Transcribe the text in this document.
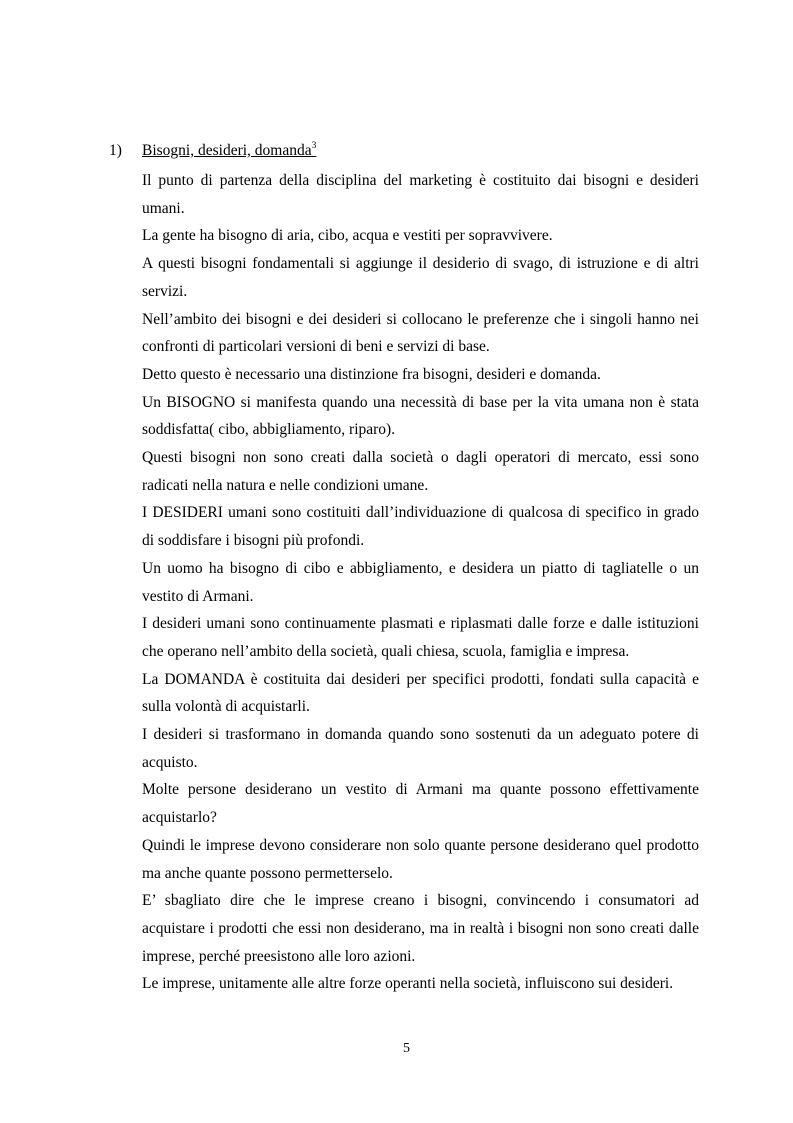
1) Bisogni, desideri, domanda$^3$

Il punto di partenza della disciplina del marketing è costituito dai bisogni e desideri umani.

La gente ha bisogno di aria, cibo, acqua e vestiti per sopravvivere.

A questi bisogni fondamentali si aggiunge il desiderio di svago, di istruzione e di altri servizi.

Nell’ambito dei bisogni e dei desideri si collocano le preferenze che i singoli hanno nei confronti di particolari versioni di beni e servizi di base.

Detto questo è necessario una distinzione fra bisogni, desideri e domanda.

Un BISOGNO si manifesta quando una necessità di base per la vita umana non è stata soddisfatta( cibo, abbigliamento, riparo).

Questi bisogni non sono creati dalla società o dagli operatori di mercato, essi sono radicati nella natura e nelle condizioni umane.

I DESIDERI umani sono costituiti dall’individuazione di qualcosa di specifico in grado di soddisfare i bisogni più profondi.

Un uomo ha bisogno di cibo e abbigliamento, e desidera un piatto di tagliatelle o un vestito di Armani.

I desideri umani sono continuamente plasmati e riplasmati dalle forze e dalle istituzioni che operano nell’ambito della società, quali chiesa, scuola, famiglia e impresa.

La DOMANDA è costituita dai desideri per specifici prodotti, fondati sulla capacità e sulla volontà di acquistarli.

I desideri si trasformano in domanda quando sono sostenuti da un adeguato potere di acquisto.

Molte persone desiderano un vestito di Armani ma quante possono effettivamente acquistarlo?

Quindi le imprese devono considerare non solo quante persone desiderano quel prodotto ma anche quante possono permetterselo.

E’ sbagliato dire che le imprese creano i bisogni, convincendo i consumatori ad acquistare i prodotti che essi non desiderano, ma in realtà i bisogni non sono creati dalle imprese, perché preesistono alle loro azioni.

Le imprese, unitamente alle altre forze operanti nella società, influiscono sui desideri.

5
